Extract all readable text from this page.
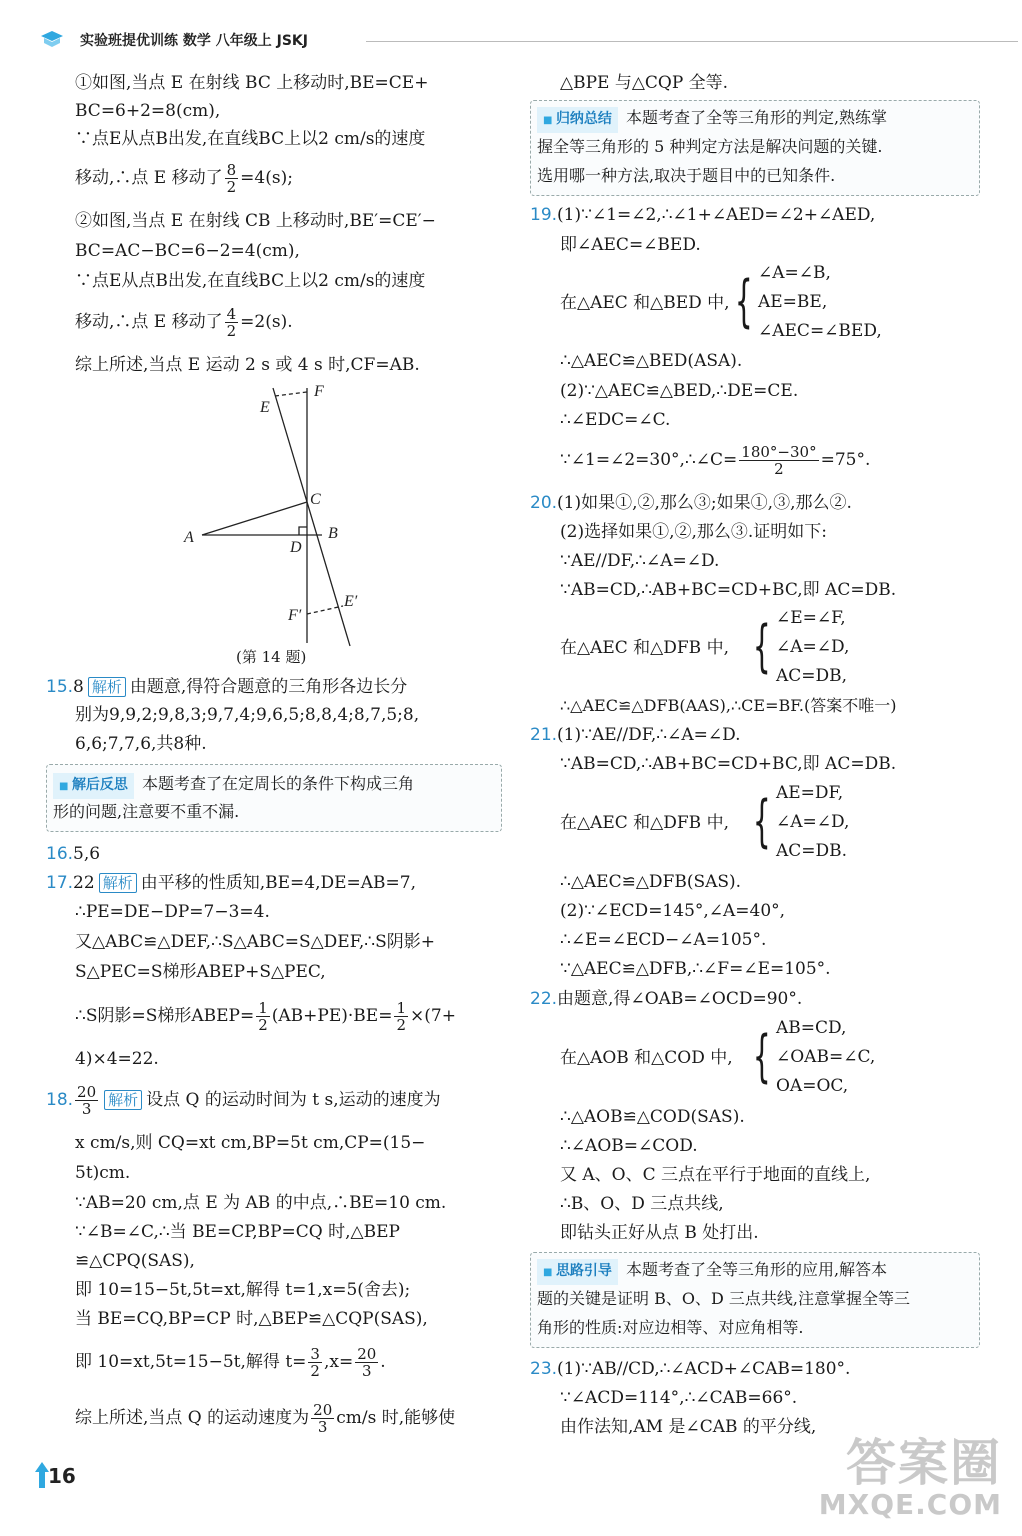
实验班提优训练 数学 八年级上 JSKJ
①如图,当点 E 在射线 BC 上移动时,BE=CE+
BC=6+2=8(cm),
∵点E从点B出发,在直线BC上以2 cm/s的速度
移动,∴点 E 移动了 $\frac{8}{2} =4(s)$;
②如图,当点 E 在射线 CB 上移动时,BE′=CE′−
BC=AC−BC=6−2=4(cm),
∵点E从点B出发,在直线BC上以2 cm/s的速度
移动,∴点 E 移动了 $\frac{4}{2} =2(s)$.
综上所述,当点 E 运动 2 s 或 4 s 时,CF=AB.
F
E
C
A	B
D
F′
E′
(第 14 题)
15.8 解析 由题意,得符合题意的三角形各边长分
别为9,9,2;9,8,3;9,7,4;9,6,5;8,8,4;8,7,5;8,
6,6;7,7,6,共8种.
■ 解后反思 本题考查了在定周长的条件下构成三角
形的问题,注意要不重不漏.
16.5,6
17.22 解析 由平移的性质知,BE=4,DE=AB=7,
∴PE=DE−DP=7−3=4.
又△ABC≌△DEF,∴S△ABC=S△DEF,∴S阴影+
S△PEC=S梯形ABEP+S△PEC,
∴S阴影=S梯形ABEP= $\frac{1}{2} (AB+PE)\cdot BE= \frac{1}{2} \times(7+$
4)×4=22.
18. $\frac{20}{3}$ 解析 设点 Q 的运动时间为 t s,运动的速度为
x cm/s,则 CQ=xt cm,BP=5t cm,CP=(15−
5t)cm.
∵AB=20 cm,点 E 为 AB 的中点,∴BE=10 cm.
∵∠B=∠C,∴当 BE=CP,BP=CQ 时,△BEP
≌△CPQ(SAS),
即 10=15−5t,5t=xt,解得 t=1,x=5(舍去);
当 BE=CQ,BP=CP 时,△BEP≌△CQP(SAS),
即 10=xt,5t=15−5t,解得 $t= \frac{3}{2} ,x= \frac{20}{3}$ .
综上所述,当点 Q 的运动速度为 $\frac{20}{3} cm/s$ 时,能够使
△BPE 与△CQP 全等.
■ 归纳总结 本题考查了全等三角形的判定,熟练掌
握全等三角形的 5 种判定方法是解决问题的关键.
选用哪一种方法,取决于题目中的已知条件.
19.(1)∵∠1=∠2,∴∠1+∠AED=∠2+∠AED,
即∠AEC=∠BED.
在△AEC 和△BED 中, { ∠A=∠B,
AE=BE,
∠AEC=∠BED,
∴△AEC≌△BED(ASA).
(2)∵△AEC≌△BED,∴DE=CE.
∴∠EDC=∠C.
∵∠1=∠2=30°,∴∠C= $\frac{180^\circ-30^\circ}{2} =75^\circ$.
20.(1)如果①,②,那么③;如果①,③,那么②.
(2)选择如果①,②,那么③.证明如下:
∵AE//DF,∴∠A=∠D.
∵AB=CD,∴AB+BC=CD+BC,即 AC=DB.
在△AEC 和△DFB 中, { ∠E=∠F,
∠A=∠D,
AC=DB,
∴△AEC≌△DFB(AAS),∴CE=BF.(答案不唯一)
21.(1)∵AE//DF,∴∠A=∠D.
∵AB=CD,∴AB+BC=CD+BC,即 AC=DB.
在△AEC 和△DFB 中, { AE=DF,
∠A=∠D,
AC=DB.
∴△AEC≌△DFB(SAS).
(2)∵∠ECD=145°,∠A=40°,
∴∠E=∠ECD−∠A=105°.
∵△AEC≌△DFB,∴∠F=∠E=105°.
22.由题意,得∠OAB=∠OCD=90°.
在△AOB 和△COD 中, { AB=CD,
∠OAB=∠C,
OA=OC,
∴△AOB≌△COD(SAS).
∴∠AOB=∠COD.
又 A、O、C 三点在平行于地面的直线上,
∴B、O、D 三点共线,
即钻头正好从点 B 处打出.
■ 思路引导 本题考查了全等三角形的应用,解答本
题的关键是证明 B、O、D 三点共线,注意掌握全等三
角形的性质:对应边相等、对应角相等.
23.(1)∵AB//CD,∴∠ACD+∠CAB=180°.
∵∠ACD=114°,∴∠CAB=66°.
由作法知,AM 是∠CAB 的平分线,
16	答案圈
MXQE.COM
